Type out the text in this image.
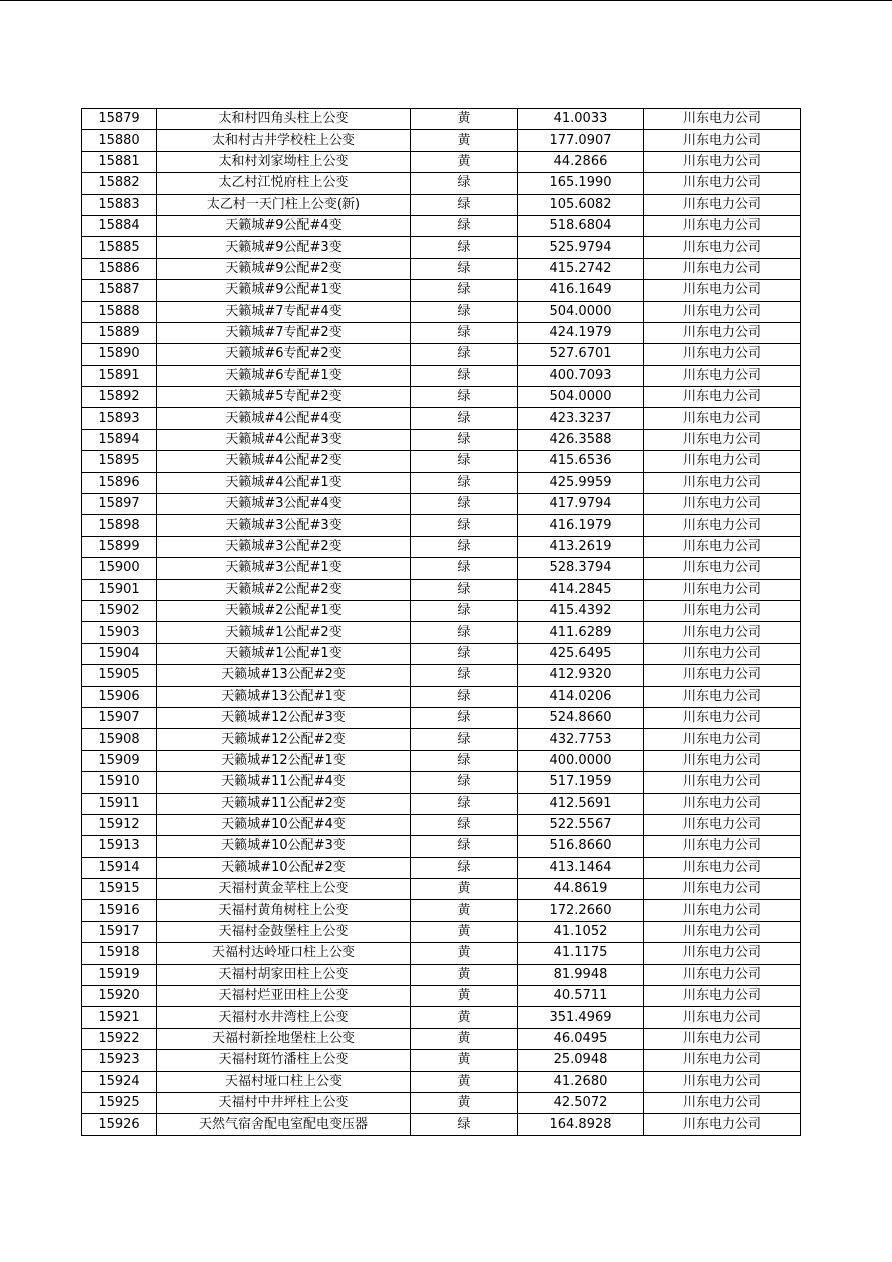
15879	太和村四角头柱上公变	黄	41.0033	川东电力公司
15880	太和村古井学校柱上公变	黄	177.0907	川东电力公司
15881	太和村刘家坳柱上公变	黄	44.2866	川东电力公司
15882	太乙村江悦府柱上公变	绿	165.1990	川东电力公司
15883	太乙村一天门柱上公变(新)	绿	105.6082	川东电力公司
15884	天籁城#9公配#4变	绿	518.6804	川东电力公司
15885	天籁城#9公配#3变	绿	525.9794	川东电力公司
15886	天籁城#9公配#2变	绿	415.2742	川东电力公司
15887	天籁城#9公配#1变	绿	416.1649	川东电力公司
15888	天籁城#7专配#4变	绿	504.0000	川东电力公司
15889	天籁城#7专配#2变	绿	424.1979	川东电力公司
15890	天籁城#6专配#2变	绿	527.6701	川东电力公司
15891	天籁城#6专配#1变	绿	400.7093	川东电力公司
15892	天籁城#5专配#2变	绿	504.0000	川东电力公司
15893	天籁城#4公配#4变	绿	423.3237	川东电力公司
15894	天籁城#4公配#3变	绿	426.3588	川东电力公司
15895	天籁城#4公配#2变	绿	415.6536	川东电力公司
15896	天籁城#4公配#1变	绿	425.9959	川东电力公司
15897	天籁城#3公配#4变	绿	417.9794	川东电力公司
15898	天籁城#3公配#3变	绿	416.1979	川东电力公司
15899	天籁城#3公配#2变	绿	413.2619	川东电力公司
15900	天籁城#3公配#1变	绿	528.3794	川东电力公司
15901	天籁城#2公配#2变	绿	414.2845	川东电力公司
15902	天籁城#2公配#1变	绿	415.4392	川东电力公司
15903	天籁城#1公配#2变	绿	411.6289	川东电力公司
15904	天籁城#1公配#1变	绿	425.6495	川东电力公司
15905	天籁城#13公配#2变	绿	412.9320	川东电力公司
15906	天籁城#13公配#1变	绿	414.0206	川东电力公司
15907	天籁城#12公配#3变	绿	524.8660	川东电力公司
15908	天籁城#12公配#2变	绿	432.7753	川东电力公司
15909	天籁城#12公配#1变	绿	400.0000	川东电力公司
15910	天籁城#11公配#4变	绿	517.1959	川东电力公司
15911	天籁城#11公配#2变	绿	412.5691	川东电力公司
15912	天籁城#10公配#4变	绿	522.5567	川东电力公司
15913	天籁城#10公配#3变	绿	516.8660	川东电力公司
15914	天籁城#10公配#2变	绿	413.1464	川东电力公司
15915	天福村黄金苹柱上公变	黄	44.8619	川东电力公司
15916	天福村黄角树柱上公变	黄	172.2660	川东电力公司
15917	天福村金鼓堡柱上公变	黄	41.1052	川东电力公司
15918	天福村达岭垭口柱上公变	黄	41.1175	川东电力公司
15919	天福村胡家田柱上公变	黄	81.9948	川东电力公司
15920	天福村烂亚田柱上公变	黄	40.5711	川东电力公司
15921	天福村水井湾柱上公变	黄	351.4969	川东电力公司
15922	天福村新拴地堡柱上公变	黄	46.0495	川东电力公司
15923	天福村斑竹潘柱上公变	黄	25.0948	川东电力公司
15924	天福村垭口柱上公变	黄	41.2680	川东电力公司
15925	天福村中井坪柱上公变	黄	42.5072	川东电力公司
15926	天然气宿舍配电室配电变压器	绿	164.8928	川东电力公司
